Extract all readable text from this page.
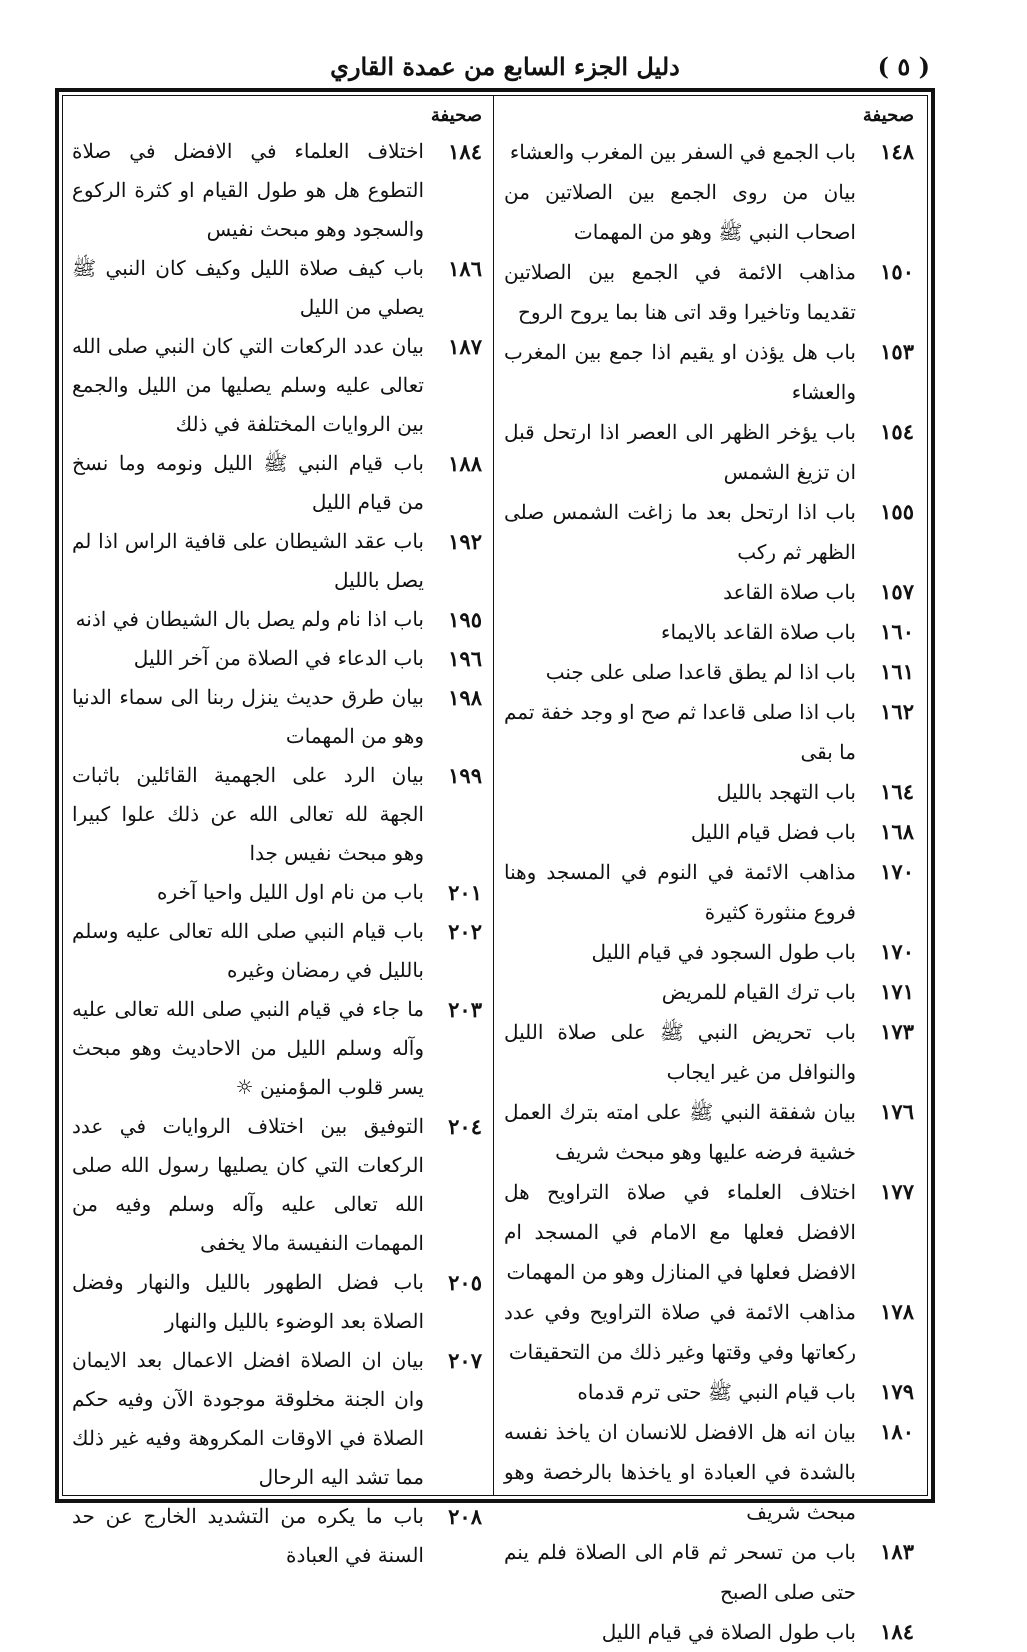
دليل الجزء السابع من عمدة القاري	( ٥ )
صحيفة
١٤٨
باب الجمع في السفر بين المغرب والعشاء
بيان من روى الجمع بين الصلاتين من اصحاب النبي ﷺ وهو من المهمات
١٥٠
مذاهب الائمة في الجمع بين الصلاتين تقديما وتاخيرا وقد اتى هنا بما يروح الروح
١٥٣
باب هل يؤذن او يقيم اذا جمع بين المغرب والعشاء
١٥٤
باب يؤخر الظهر الى العصر اذا ارتحل قبل ان تزيغ الشمس
١٥٥
باب اذا ارتحل بعد ما زاغت الشمس صلى الظهر ثم ركب
١٥٧
باب صلاة القاعد
١٦٠
باب صلاة القاعد بالايماء
١٦١
باب اذا لم يطق قاعدا صلى على جنب
١٦٢
باب اذا صلى قاعدا ثم صح او وجد خفة تمم ما بقى
١٦٤
باب التهجد بالليل
١٦٨
باب فضل قيام الليل
١٧٠
مذاهب الائمة في النوم في المسجد وهنا فروع منثورة كثيرة
١٧٠
باب طول السجود في قيام الليل
١٧١
باب ترك القيام للمريض
١٧٣
باب تحريض النبي ﷺ على صلاة الليل والنوافل من غير ايجاب
١٧٦
بيان شفقة النبي ﷺ على امته بترك العمل خشية فرضه عليها وهو مبحث شريف
١٧٧
اختلاف العلماء في صلاة التراويح هل الافضل فعلها مع الامام في المسجد ام الافضل فعلها في المنازل وهو من المهمات
١٧٨
مذاهب الائمة في صلاة التراويح وفي عدد ركعاتها وفي وقتها وغير ذلك من التحقيقات
١٧٩
باب قيام النبي ﷺ حتى ترم قدماه
١٨٠
بيان انه هل الافضل للانسان ان ياخذ نفسه بالشدة في العبادة او ياخذها بالرخصة وهو مبحث شريف
١٨٣
باب من تسحر ثم قام الى الصلاة فلم ينم حتى صلى الصبح
١٨٤
باب طول الصلاة في قيام الليل
صحيفة
١٨٤
اختلاف العلماء في الافضل في صلاة التطوع هل هو طول القيام او كثرة الركوع والسجود وهو مبحث نفيس
١٨٦
باب كيف صلاة الليل وكيف كان النبي ﷺ يصلي من الليل
١٨٧
بيان عدد الركعات التي كان النبي صلى الله تعالى عليه وسلم يصليها من الليل والجمع بين الروايات المختلفة في ذلك
١٨٨
باب قيام النبي ﷺ الليل ونومه وما نسخ من قيام الليل
١٩٢
باب عقد الشيطان على قافية الراس اذا لم يصل بالليل
١٩٥
باب اذا نام ولم يصل بال الشيطان في اذنه
١٩٦
باب الدعاء في الصلاة من آخر الليل
١٩٨
بيان طرق حديث ينزل ربنا الى سماء الدنيا وهو من المهمات
١٩٩
بيان الرد على الجهمية القائلين باثبات الجهة لله تعالى الله عن ذلك علوا كبيرا وهو مبحث نفيس جدا
٢٠١
باب من نام اول الليل واحيا آخره
٢٠٢
باب قيام النبي صلى الله تعالى عليه وسلم بالليل في رمضان وغيره
٢٠٣
ما جاء في قيام النبي صلى الله تعالى عليه وآله وسلم الليل من الاحاديث وهو مبحث يسر قلوب المؤمنين ☼
٢٠٤
التوفيق بين اختلاف الروايات في عدد الركعات التي كان يصليها رسول الله صلى الله تعالى عليه وآله وسلم وفيه من المهمات النفيسة مالا يخفى
٢٠٥
باب فضل الطهور بالليل والنهار وفضل الصلاة بعد الوضوء بالليل والنهار
٢٠٧
بيان ان الصلاة افضل الاعمال بعد الايمان وان الجنة مخلوقة موجودة الآن وفيه حكم الصلاة في الاوقات المكروهة وفيه غير ذلك مما تشد اليه الرحال
٢٠٨
باب ما يكره من التشديد الخارج عن حد السنة في العبادة
